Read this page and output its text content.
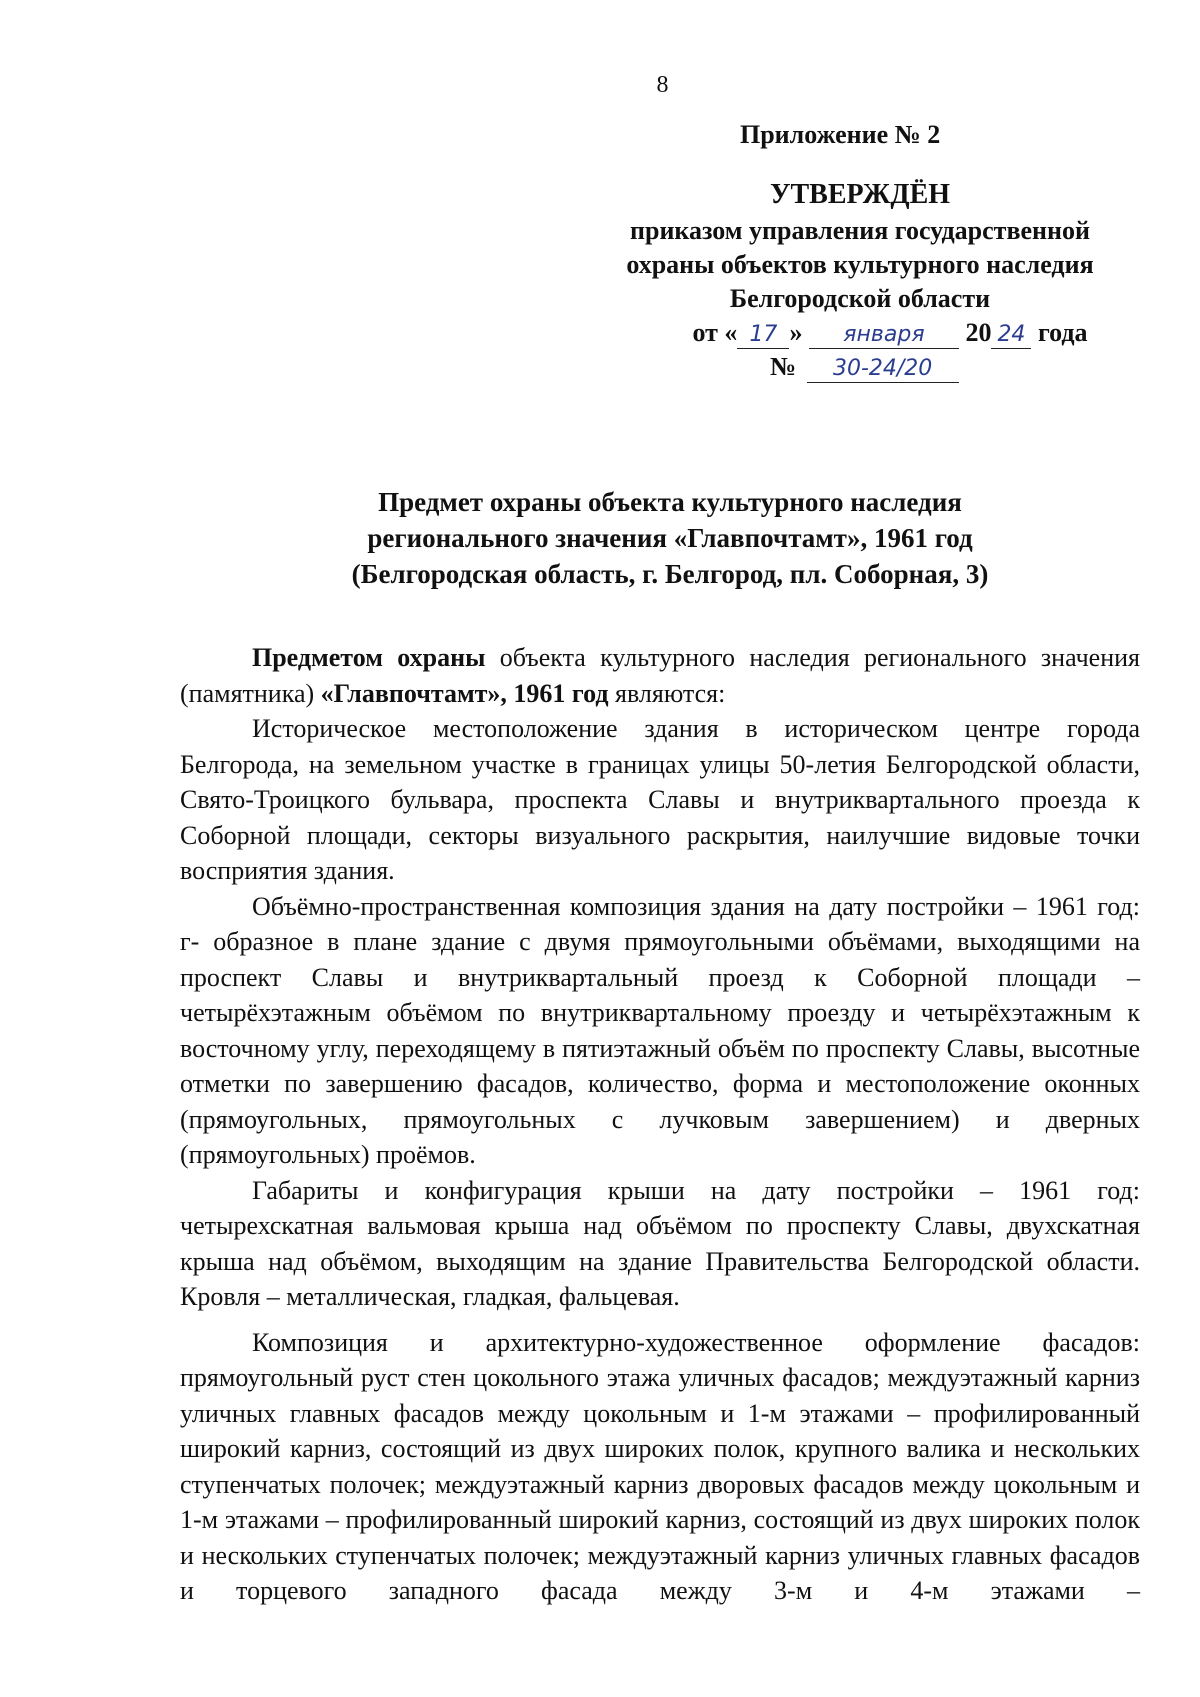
8
Приложение № 2
УТВЕРЖДЁН
приказом управления государственной
охраны объектов культурного наследия
Белгородской области
от « 17 » января 20 24 года
№ 30-24/20
Предмет охраны объекта культурного наследия
регионального значения «Главпочтамт», 1961 год
(Белгородская область, г. Белгород, пл. Соборная, 3)

Предметом охраны объекта культурного наследия регионального значения (памятника) «Главпочтамт», 1961 год являются:

Историческое местоположение здания в историческом центре города Белгорода, на земельном участке в границах улицы 50-летия Белгородской области, Свято-Троицкого бульвара, проспекта Славы и внутриквартального проезда к Соборной площади, секторы визуального раскрытия, наилучшие видовые точки восприятия здания.

Объёмно-пространственная композиция здания на дату постройки – 1961 год: г- образное в плане здание с двумя прямоугольными объёмами, выходящими на проспект Славы и внутриквартальный проезд к Соборной площади – четырёхэтажным объёмом по внутриквартальному проезду и четырёхэтажным к восточному углу, переходящему в пятиэтажный объём по проспекту Славы, высотные отметки по завершению фасадов, количество, форма и местоположение оконных (прямоугольных, прямоугольных с лучковым завершением) и дверных (прямоугольных) проёмов.

Габариты и конфигурация крыши на дату постройки – 1961 год: четырехскатная вальмовая крыша над объёмом по проспекту Славы, двухскатная крыша над объёмом, выходящим на здание Правительства Белгородской области. Кровля – металлическая, гладкая, фальцевая.

Композиция и архитектурно-художественное оформление фасадов: прямоугольный руст стен цокольного этажа уличных фасадов; междуэтажный карниз уличных главных фасадов между цокольным и 1-м этажами – профилированный широкий карниз, состоящий из двух широких полок, крупного валика и нескольких ступенчатых полочек; междуэтажный карниз дворовых фасадов между цокольным и 1-м этажами – профилированный широкий карниз, состоящий из двух широких полок и нескольких ступенчатых полочек; междуэтажный карниз уличных главных фасадов и торцевого западного фасада между 3-м и 4-м этажами –
